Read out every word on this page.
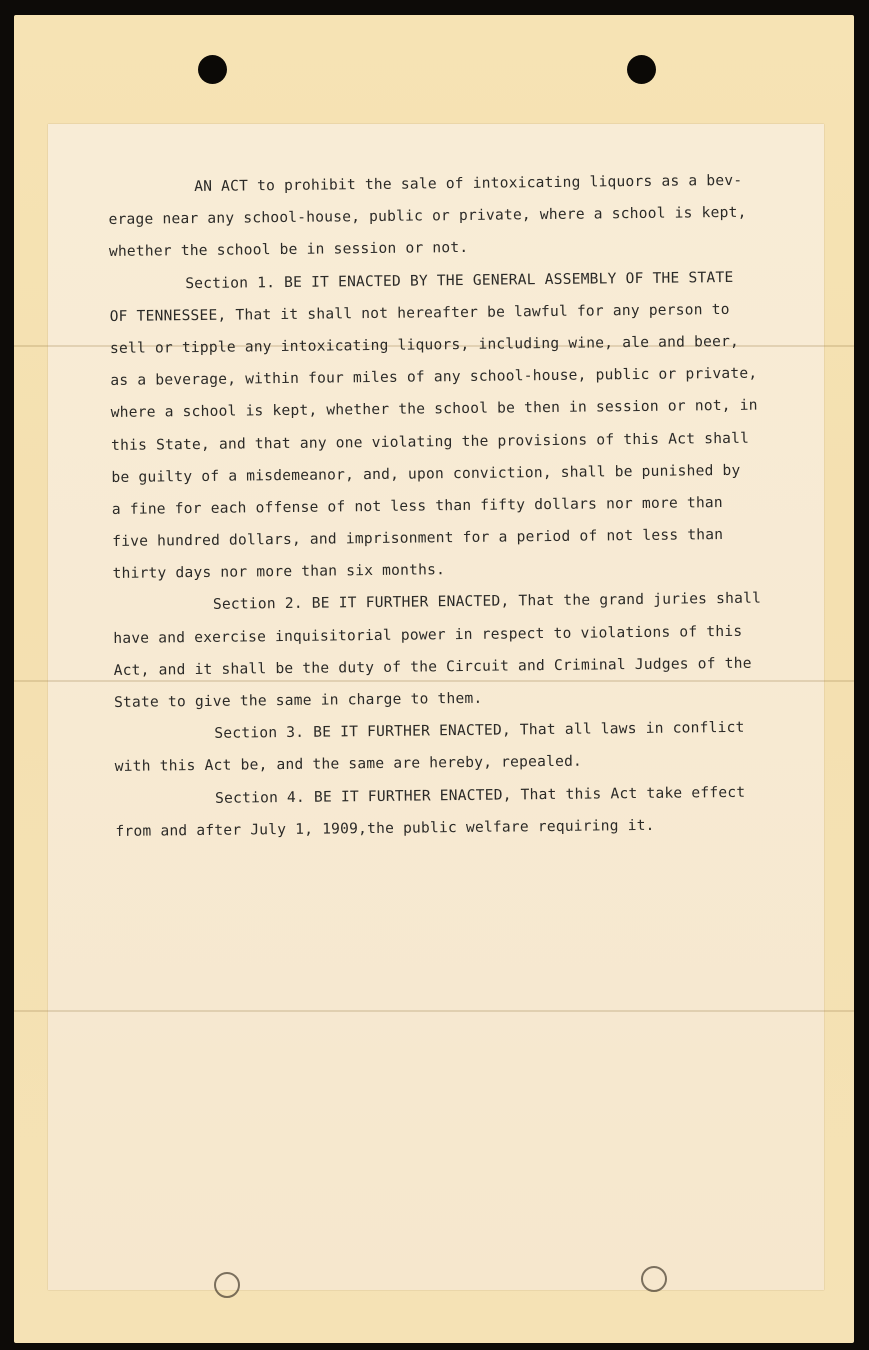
AN ACT to prohibit the sale of intoxicating liquors as a bev-
erage near any school-house, public or private, where a school is kept,
whether the school be in session or not.
Section 1. BE IT ENACTED BY THE GENERAL ASSEMBLY OF THE STATE
OF TENNESSEE, That it shall not hereafter be lawful for any person to
sell or tipple any intoxicating liquors, including wine, ale and beer,
as a beverage, within four miles of any school-house, public or private,
where a school is kept, whether the school be then in session or not, in
this State, and that any one violating the provisions of this Act shall
be guilty of a misdemeanor, and, upon conviction, shall be punished by
a fine for each offense of not less than fifty dollars nor more than
five hundred dollars, and imprisonment for a period of not less than
thirty days nor more than six months.
Section 2. BE IT FURTHER ENACTED, That the grand juries shall
have and exercise inquisitorial power in respect to violations of this
Act, and it shall be the duty of the Circuit and Criminal Judges of the
State to give the same in charge to them.
Section 3. BE IT FURTHER ENACTED, That all laws in conflict
with this Act be, and the same are hereby, repealed.
Section 4. BE IT FURTHER ENACTED, That this Act take effect
from and after July 1, 1909,the public welfare requiring it.
